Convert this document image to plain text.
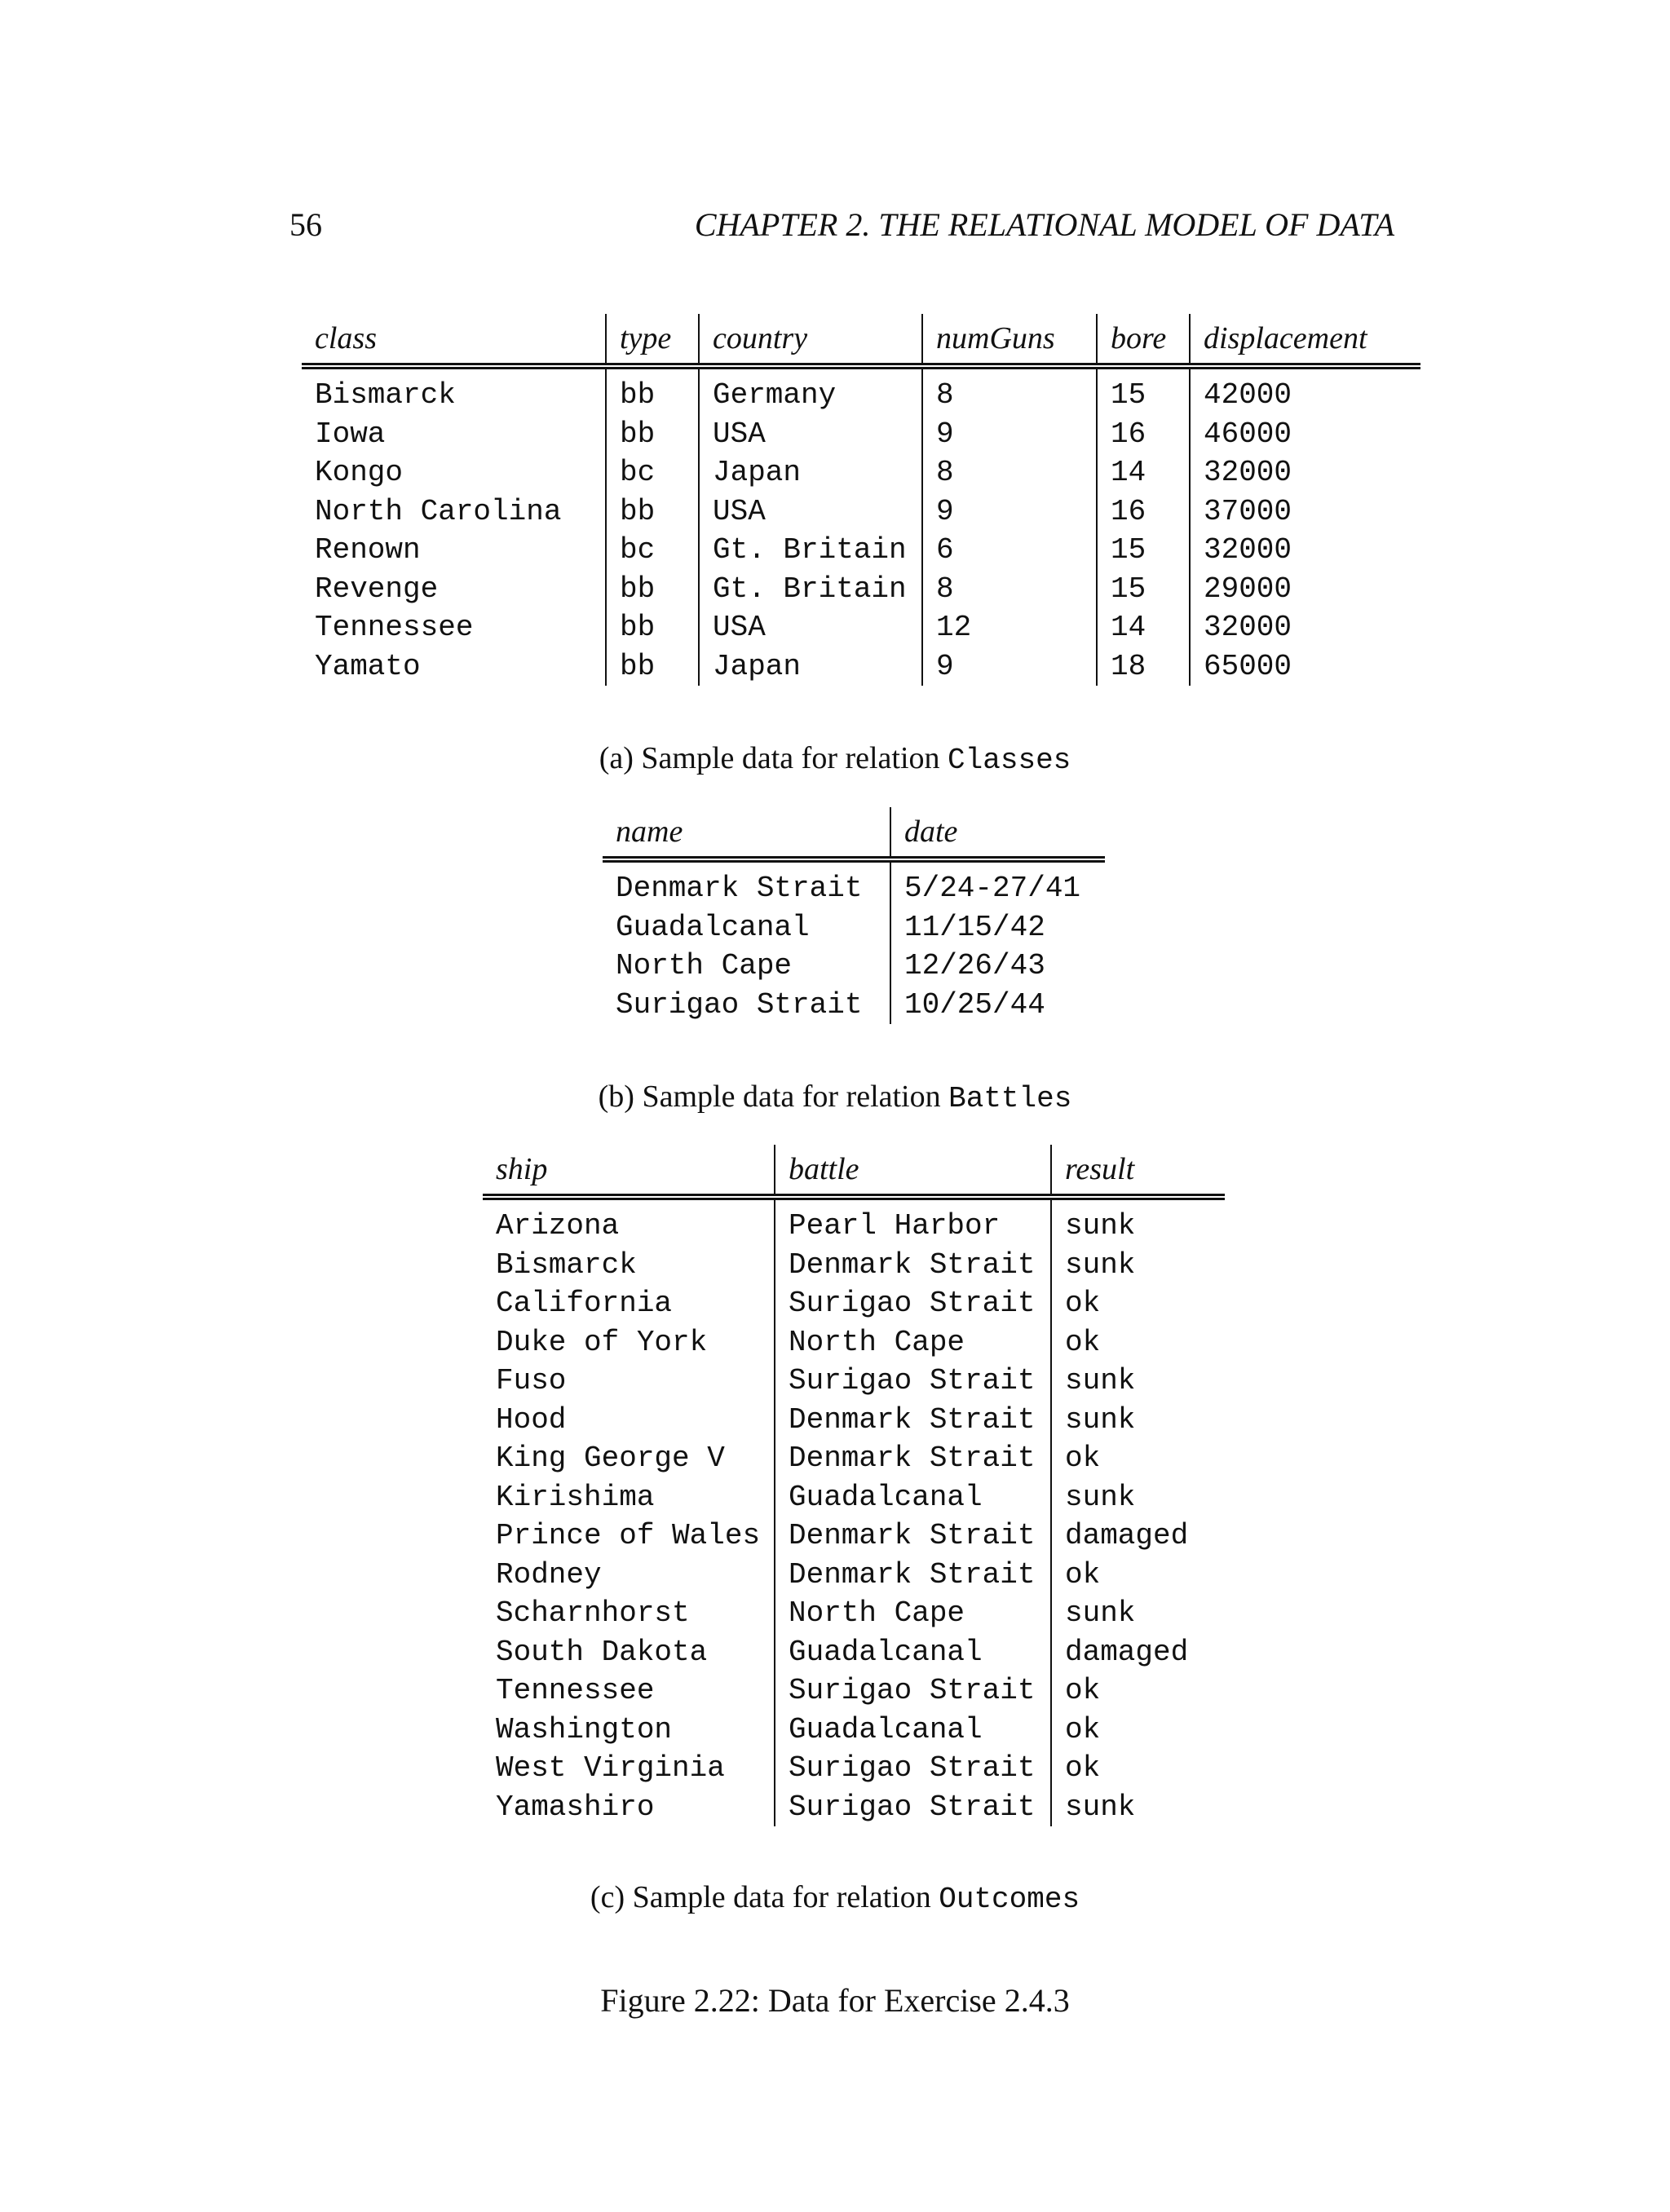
56	CHAPTER 2. THE RELATIONAL MODEL OF DATA
class	type	country	numGuns	bore	displacement
Bismarck	bb	Germany	8	15	42000
Iowa	bb	USA	9	16	46000
Kongo	bc	Japan	8	14	32000
North Carolina	bb	USA	9	16	37000
Renown	bc	Gt. Britain	6	15	32000
Revenge	bb	Gt. Britain	8	15	29000
Tennessee	bb	USA	12	14	32000
Yamato	bb	Japan	9	18	65000
(a) Sample data for relation Classes
name	date
Denmark Strait	5/24-27/41
Guadalcanal	11/15/42
North Cape	12/26/43
Surigao Strait	10/25/44
(b) Sample data for relation Battles
ship	battle	result
Arizona	Pearl Harbor	sunk
Bismarck	Denmark Strait	sunk
California	Surigao Strait	ok
Duke of York	North Cape	ok
Fuso	Surigao Strait	sunk
Hood	Denmark Strait	sunk
King George V	Denmark Strait	ok
Kirishima	Guadalcanal	sunk
Prince of Wales	Denmark Strait	damaged
Rodney	Denmark Strait	ok
Scharnhorst	North Cape	sunk
South Dakota	Guadalcanal	damaged
Tennessee	Surigao Strait	ok
Washington	Guadalcanal	ok
West Virginia	Surigao Strait	ok
Yamashiro	Surigao Strait	sunk
(c) Sample data for relation Outcomes
Figure 2.22: Data for Exercise 2.4.3
